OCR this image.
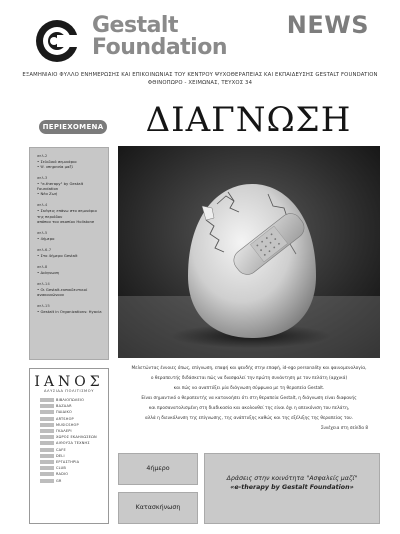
Gestalt
Foundation
NEWS
ΕΞΑΜΗΝΙΑΙΟ ΦΥΛΛΟ ΕΝΗΜΕΡΩΣΗΣ ΚΑΙ ΕΠΙΚΟΙΝΩΝΙΑΣ ΤΟΥ ΚΕΝΤΡΟΥ ΨΥΧΟΘΕΡΑΠΕΙΑΣ ΚΑΙ ΕΚΠΑΙΔΕΥΣΗΣ GESTALT FOUNDATION
ΦΘΙΝΟΠΩΡΟ - ΧΕΙΜΩΝΑΣ, ΤΕΥΧΟΣ 34
ΠΕΡΙΕΧΟΜΕΝΑ	ΔΙΑΓΝΩΣΗ
σελ.2
• Σελιδικό σεμινάριο
• Ψ. υπηρεσία μαζί
σελ.3
• "e-therapy" by Gestalt Foundation
• Νέα Ζωή
σελ.4
• Σκέψεις επάνω στο σεμινάριο της περιόδου
απόπου του σκοπίου Holistone
σελ.5
• 4ήμερο
σελ.6-7
• Στο 4ήμερο Gestalt
σελ.8
• Διάγνωση
σελ.14
• Οι Gestalt-εκπαιδευτικοί ανακοινώνουν
σελ.15
• Gestalt in Organizations: Ηyacia
Μελετώντας έννοιες όπως, επίγνωση, επαφή και ψευδής στην επαφή, id-ego personality και φαινομενολογία,
ο θεραπευτής διδάσκεται πώς να διασφαλεί την πρώτη συνάντηση με τον πελάτη (αρχικά)
και πώς να αναπτύξει μία διάγνωση σύμφωνα με τη θεραπεία Gestalt.
Είναι σημαντικό ο θεραπευτής να κατανοήσει ότι στη θεραπεία Gestalt, η διάγνωση είναι διαφανής
και προσανατολισμένη στη διαδικασία και ακολουθεί της είναι όχι η απεικόνιση του πελάτη,
αλλά η διευκόλυνση της επίγνωσης, της ανάπτυξης καθώς και της εξέλιξης της θεραπείας του.
Συνέχεια στη σελίδα 8
ΙΑΝΟΣ
ΑΛΥΣΙΔΑ ΠΟΛΙΤΙΣΜΟΥ
ΒΙΒΛΙΟΠΩΛΕΙΟ
BAZAAR
ΠΑΙΔΙΚΟ
ARTSHOP
MUSICSHOP
ΓΚΑΛΕΡΙ
ΧΩΡΟΣ ΕΚΔΗΛΩΣΕΩΝ
ΑΙΘΟΥΣΑ ΤΕΧΝΗΣ
CAFE
DELI
ΕΡΓΑΣΤΗΡΙΑ
CLUB
RADIO
GR
4ήμερο
Κατασκήνωση
Δράσεις στην κοινότητα "Ασφαλείς μαζί"
«e-therapy by Gestalt Foundation»
